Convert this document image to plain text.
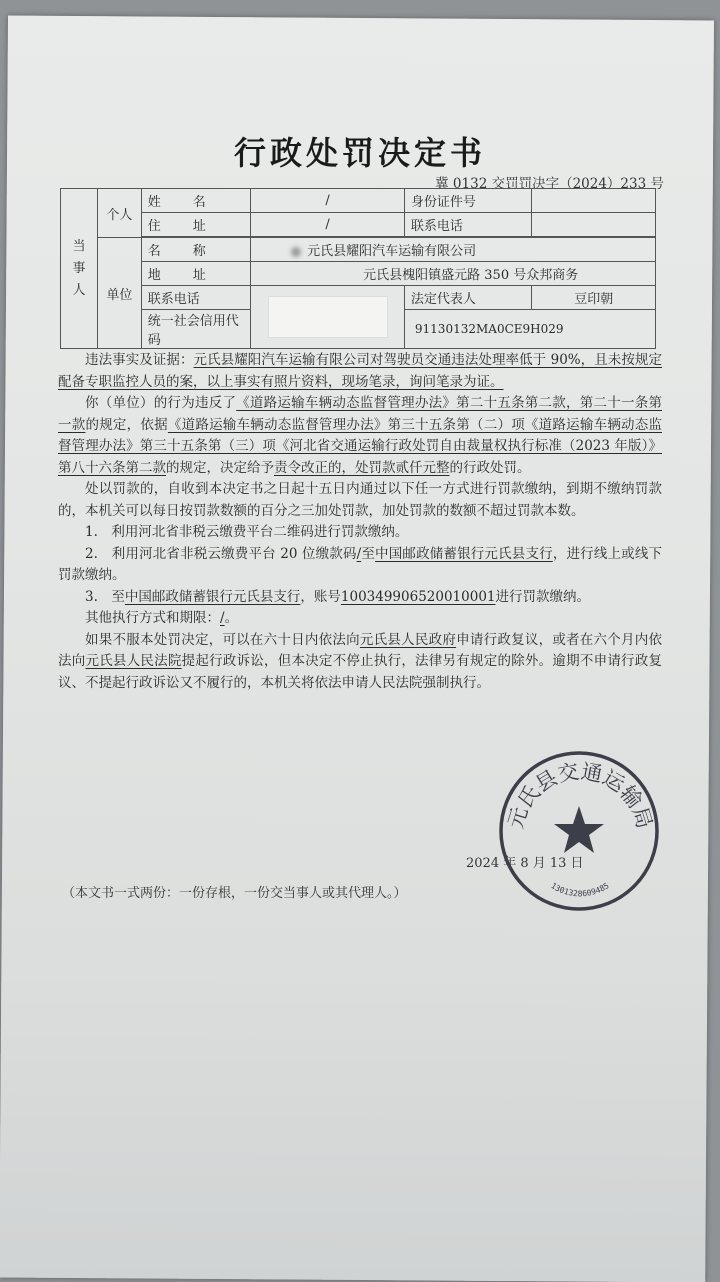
行政处罚决定书
冀 0132 交罚罚决字（2024）233 号
当事人	个人	姓　　名	/	身份证件号	
		住　　址	/	联系电话	

	单位	名　　称	元氏县耀阳汽车运输有限公司		
		地　　址	元氏县槐阳镇盛元路 350 号众邦商务		
		联系电话		法定代表人	豆印朝
		统一社会信用代码		91130132MA0CE9H029	

违法事实及证据：元氏县耀阳汽车运输有限公司对驾驶员交通违法处理率低于 90%，且未按规定配备专职监控人员的案，以上事实有照片资料，现场笔录，询问笔录为证。

你（单位）的行为违反了《道路运输车辆动态监督管理办法》第二十五条第二款，第二十一条第一款的规定，依据《道路运输车辆动态监督管理办法》第三十五条第（二）项《道路运输车辆动态监督管理办法》第三十五条第（三）项《河北省交通运输行政处罚自由裁量权执行标准（2023 年版）》第八十六条第二款的规定，决定给予责令改正的，处罚款贰仟元整的行政处罚。

处以罚款的，自收到本决定书之日起十五日内通过以下任一方式进行罚款缴纳，到期不缴纳罚款的，本机关可以每日按罚款数额的百分之三加处罚款，加处罚款的数额不超过罚款本数。

1.　利用河北省非税云缴费平台二维码进行罚款缴纳。

2.　利用河北省非税云缴费平台 20 位缴款码/至中国邮政储蓄银行元氏县支行，进行线上或线下罚款缴纳。

3.　至中国邮政储蓄银行元氏县支行，账号100349906520010001进行罚款缴纳。

其他执行方式和期限：/。

如果不服本处罚决定，可以在六十日内依法向元氏县人民政府申请行政复议，或者在六个月内依法向元氏县人民法院提起行政诉讼，但本决定不停止执行，法律另有规定的除外。逾期不申请行政复议、不提起行政诉讼又不履行的，本机关将依法申请人民法院强制执行。

2024 年 8 月 13 日
元氏县交通运输局
1301328609485
（本文书一式两份：一份存根，一份交当事人或其代理人。）
